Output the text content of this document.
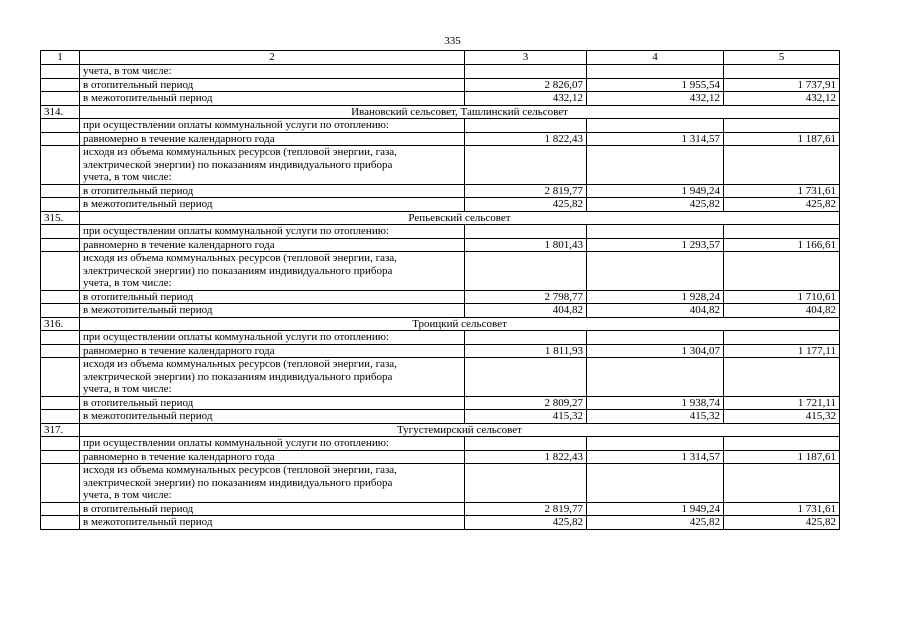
335
1	2	3	4	5
	учета, в том числе:			
	в отопительный период	2 826,07	1 955,54	1 737,91
	в межотопительный период	432,12	432,12	432,12
314.	Ивановский сельсовет, Ташлинский сельсовет			
	при осуществлении оплаты коммунальной услуги по отоплению:			
	равномерно в течение календарного года	1 822,43	1 314,57	1 187,61

	исходя из объема коммунальных ресурсов (тепловой энергии, газа,
электрической энергии) по показаниям индивидуального прибора
учета, в том числе:			

	в отопительный период	2 819,77	1 949,24	1 731,61
	в межотопительный период	425,82	425,82	425,82
315.	Репьевский сельсовет			
	при осуществлении оплаты коммунальной услуги по отоплению:			
	равномерно в течение календарного года	1 801,43	1 293,57	1 166,61

	исходя из объема коммунальных ресурсов (тепловой энергии, газа,
электрической энергии) по показаниям индивидуального прибора
учета, в том числе:			

	в отопительный период	2 798,77	1 928,24	1 710,61
	в межотопительный период	404,82	404,82	404,82
316.	Троицкий сельсовет			
	при осуществлении оплаты коммунальной услуги по отоплению:			
	равномерно в течение календарного года	1 811,93	1 304,07	1 177,11

	исходя из объема коммунальных ресурсов (тепловой энергии, газа,
электрической энергии) по показаниям индивидуального прибора
учета, в том числе:			

	в отопительный период	2 809,27	1 938,74	1 721,11
	в межотопительный период	415,32	415,32	415,32
317.	Тугустемирский сельсовет			
	при осуществлении оплаты коммунальной услуги по отоплению:			
	равномерно в течение календарного года	1 822,43	1 314,57	1 187,61

	исходя из объема коммунальных ресурсов (тепловой энергии, газа,
электрической энергии) по показаниям индивидуального прибора
учета, в том числе:			

	в отопительный период	2 819,77	1 949,24	1 731,61
	в межотопительный период	425,82	425,82	425,82
